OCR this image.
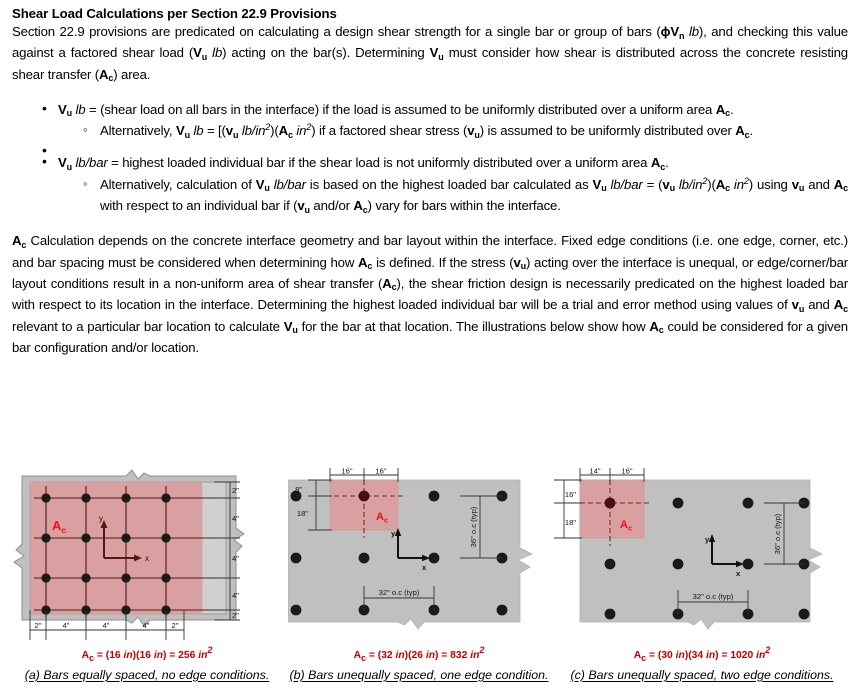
Shear Load Calculations per Section 22.9 Provisions

Section 22.9 provisions are predicated on calculating a design shear strength for a single bar or group of bars ($\phi V_n$ lb), and checking this value against a factored shear load ($V_u$ lb) acting on the bar(s). Determining $V_u$ must consider how shear is distributed across the concrete resisting shear transfer $(A_c)$ area.

• $V_u$ lb = (shear load on all bars in the interface) if the load is assumed to be uniformly distributed over a uniform area $A_c$.
◦ Alternatively, $V_u$ lb = [($v_u$ $lb/in^2)(A_c$ $in^2$) if a factored shear stress $(v_u)$ is assumed to be uniformly distributed over $A_c$.
•
• $V_u$ lb/bar = highest loaded individual bar if the shear load is not uniformly distributed over a uniform area $A_c$.
◦ Alternatively, calculation of $V_u$ lb/bar is based on the highest loaded bar calculated as $V_u$ $lb/bar = (v_u$ $lb/in^2)(A_c$ $in^2$) using $v_u$ and $A_c$ with respect to an individual bar if ($v_u$ and/or $A_c$) vary for bars within the interface.

$A_c$ Calculation depends on the concrete interface geometry and bar layout within the interface. Fixed edge conditions (i.e. one edge, corner, etc.) and bar spacing must be considered when determining how $A_c$ is defined. If the stress $(v_u)$ acting over the interface is unequal, or edge/corner/bar layout conditions result in a non-uniform area of shear transfer $(A_c)$, the shear friction design is necessarily predicated on the highest loaded bar with respect to its location in the interface. Determining the highest loaded individual bar will be a trial and error method using values of $v_u$ and $A_c$ relevant to a particular bar location to calculate $V_u$ for the bar at that location. The illustrations below show how $A_c$ could be considered for a given bar configuration and/or location.

$A_c$
y
x
2"
4"
4"
4"
2"
2"	4"	4"	4"	2"
$A_c = (16$ in)(16 in) = 256 $in^2$
(a) Bars equally spaced, no edge conditions.
$A_c$
16"	16"
8"
18"	36" o.c (typ)
32" o.c (typ)
y
x
$A_c = (32$ in)(26 in) = 832 $in^2$
(b) Bars unequally spaced, one edge condition.
$A_c$
14"	16"
16"
18"	36" o.c (typ)
32" o.c (typ)
y
x
$A_c = (30$ in)(34 in) = 1020 $in^2$
(c) Bars unequally spaced, two edge conditions.
